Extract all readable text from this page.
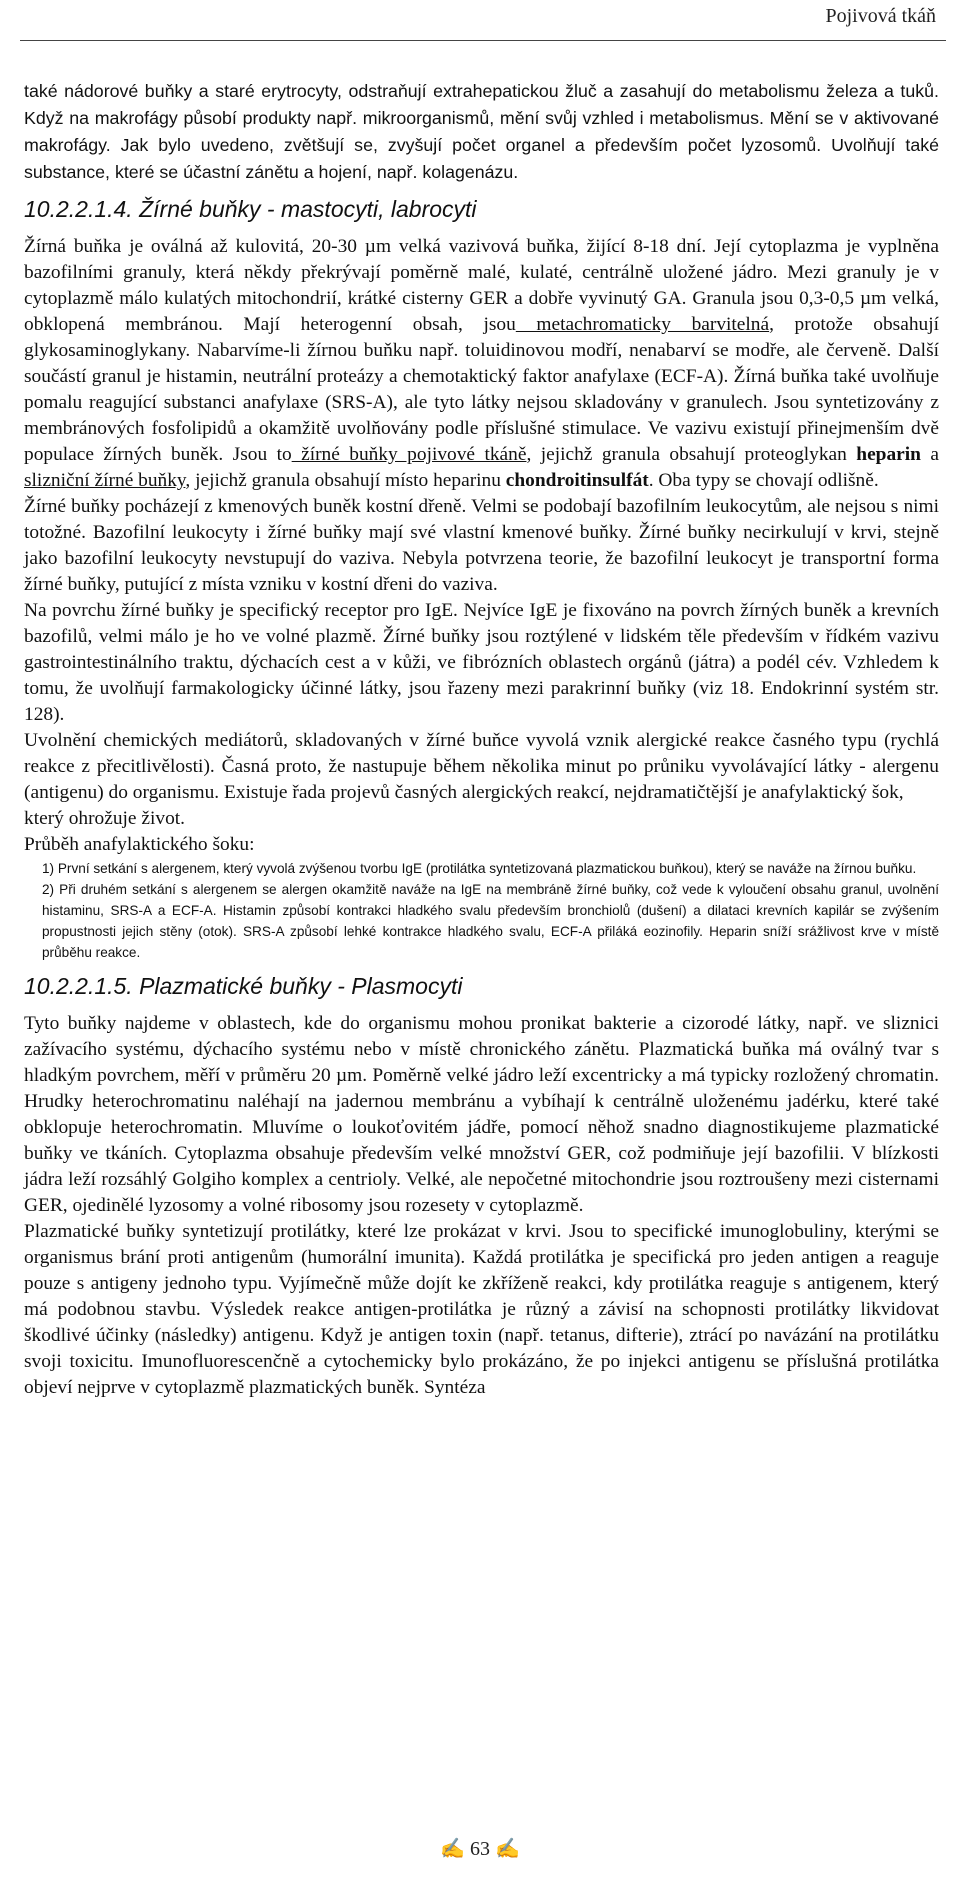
Pojivová tkáň

také nádorové buňky a staré erytrocyty, odstraňují extrahepatickou žluč a zasahují do metabolismu železa a tuků. Když na makrofágy působí produkty např. mikroorganismů, mění svůj vzhled i metabolismus. Mění se v aktivované makrofágy. Jak bylo uvedeno, zvětšují se, zvyšují počet organel a především počet lyzosomů. Uvolňují také substance, které se účastní zánětu a hojení, např. kolagenázu.

10.2.2.1.4. Žírné buňky - mastocyti, labrocyti

Žírná buňka je oválná až kulovitá, 20-30 µm velká vazivová buňka, žijící 8-18 dní. Její cytoplazma je vyplněna bazofilními granuly, která někdy překrývají poměrně malé, kulaté, centrálně uložené jádro. Mezi granuly je v cytoplazmě málo kulatých mitochondrií, krátké cisterny GER a dobře vyvinutý GA. Granula jsou 0,3-0,5 µm velká, obklopená membránou. Mají heterogenní obsah, jsou metachromaticky barvitelná, protože obsahují glykosaminoglykany. Nabarvíme-li žírnou buňku např. toluidinovou modří, nenabarví se modře, ale červeně. Další součástí granul je histamin, neutrální proteázy a chemotaktický faktor anafylaxe (ECF-A). Žírná buňka také uvolňuje pomalu reagující substanci anafylaxe (SRS-A), ale tyto látky nejsou skladovány v granulech. Jsou syntetizovány z membránových fosfolipidů a okamžitě uvolňovány podle příslušné stimulace. Ve vazivu existují přinejmenším dvě populace žírných buněk. Jsou to žírné buňky pojivové tkáně, jejichž granula obsahují proteoglykan heparin a slizniční žírné buňky, jejichž granula obsahují místo heparinu chondroitinsulfát. Oba typy se chovají odlišně.

Žírné buňky pocházejí z kmenových buněk kostní dřeně. Velmi se podobají bazofilním leukocytům, ale nejsou s nimi totožné. Bazofilní leukocyty i žírné buňky mají své vlastní kmenové buňky. Žírné buňky necirkulují v krvi, stejně jako bazofilní leukocyty nevstupují do vaziva. Nebyla potvrzena teorie, že bazofilní leukocyt je transportní forma žírné buňky, putující z místa vzniku v kostní dřeni do vaziva.

Na povrchu žírné buňky je specifický receptor pro IgE. Nejvíce IgE je fixováno na povrch žírných buněk a krevních bazofilů, velmi málo je ho ve volné plazmě. Žírné buňky jsou roztýlené v lidském těle především v řídkém vazivu gastrointestinálního traktu, dýchacích cest a v kůži, ve fibrózních oblastech orgánů (játra) a podél cév. Vzhledem k tomu, že uvolňují farmakologicky účinné látky, jsou řazeny mezi parakrinní buňky (viz 18. Endokrinní systém str. 128).

Uvolnění chemických mediátorů, skladovaných v žírné buňce vyvolá vznik alergické reakce časného typu (rychlá reakce z přecitlivělosti). Časná proto, že nastupuje během několika minut po průniku vyvolávající látky - alergenu (antigenu) do organismu. Existuje řada projevů časných alergických reakcí, nejdramatičtější je anafylaktický šok,

který ohrožuje život.

Průběh anafylaktického šoku:

1) První setkání s alergenem, který vyvolá zvýšenou tvorbu IgE (protilátka syntetizovaná plazmatickou buňkou), který se naváže na žírnou buňku.

2) Při druhém setkání s alergenem se alergen okamžitě naváže na IgE na membráně žírné buňky, což vede k vyloučení obsahu granul, uvolnění histaminu, SRS-A a ECF-A. Histamin způsobí kontrakci hladkého svalu především bronchiolů (dušení) a dilataci krevních kapilár se zvýšením propustnosti jejich stěny (otok). SRS-A způsobí lehké kontrakce hladkého svalu, ECF-A přiláká eozinofily. Heparin sníží srážlivost krve v místě průběhu reakce.

10.2.2.1.5. Plazmatické buňky - Plasmocyti

Tyto buňky najdeme v oblastech, kde do organismu mohou pronikat bakterie a cizorodé látky, např. ve sliznici zažívacího systému, dýchacího systému nebo v místě chronického zánětu. Plazmatická buňka má oválný tvar s hladkým povrchem, měří v průměru 20 µm. Poměrně velké jádro leží excentricky a má typicky rozložený chromatin. Hrudky heterochromatinu naléhají na jadernou membránu a vybíhají k centrálně uloženému jadérku, které také obklopuje heterochromatin. Mluvíme o loukoťovitém jádře, pomocí něhož snadno diagnostikujeme plazmatické buňky ve tkáních. Cytoplazma obsahuje především velké množství GER, což podmiňuje její bazofilii. V blízkosti jádra leží rozsáhlý Golgiho komplex a centrioly. Velké, ale nepočetné mitochondrie jsou roztroušeny mezi cisternami GER, ojedinělé lyzosomy a volné ribosomy jsou rozesety v cytoplazmě.

Plazmatické buňky syntetizují protilátky, které lze prokázat v krvi. Jsou to specifické imunoglobuliny, kterými se organismus brání proti antigenům (humorální imunita). Každá protilátka je specifická pro jeden antigen a reaguje pouze s antigeny jednoho typu. Vyjímečně může dojít ke zkříženě reakci, kdy protilátka reaguje s antigenem, který má podobnou stavbu. Výsledek reakce antigen-protilátka je různý a závisí na schopnosti protilátky likvidovat škodlivé účinky (následky) antigenu. Když je antigen toxin (např. tetanus, difterie), ztrácí po navázání na protilátku svoji toxicitu. Imunofluorescenčně a cytochemicky bylo prokázáno, že po injekci antigenu se příslušná protilátka objeví nejprve v cytoplazmě plazmatických buněk. Syntéza

✍ 63 ✍
